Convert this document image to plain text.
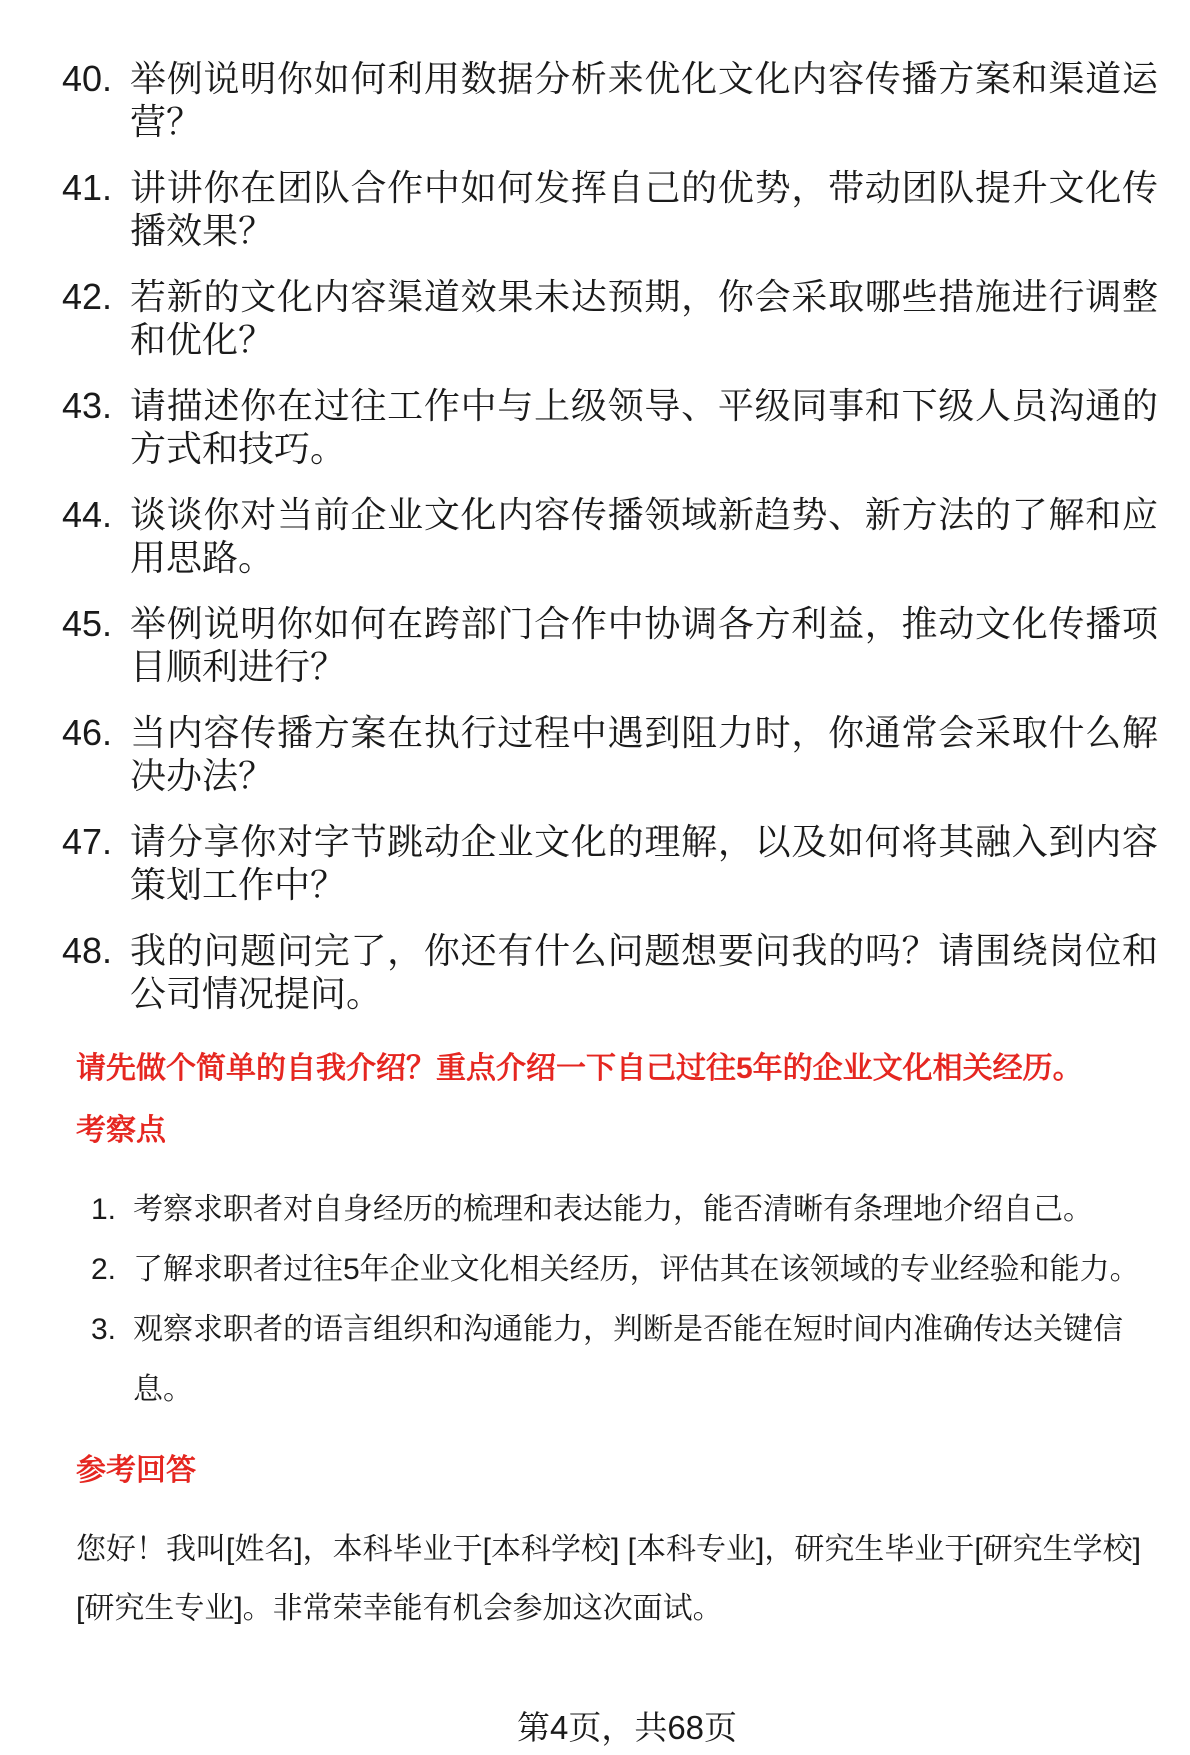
40. 举例说明你如何利用数据分析来优化文化内容传播方案和渠道运营？
41. 讲讲你在团队合作中如何发挥自己的优势，带动团队提升文化传播效果？
42. 若新的文化内容渠道效果未达预期，你会采取哪些措施进行调整和优化？
43. 请描述你在过往工作中与上级领导、平级同事和下级人员沟通的方式和技巧。
44. 谈谈你对当前企业文化内容传播领域新趋势、新方法的了解和应用思路。
45. 举例说明你如何在跨部门合作中协调各方利益，推动文化传播项目顺利进行？
46. 当内容传播方案在执行过程中遇到阻力时，你通常会采取什么解决办法？
47. 请分享你对字节跳动企业文化的理解，以及如何将其融入到内容策划工作中？
48. 我的问题问完了，你还有什么问题想要问我的吗？请围绕岗位和公司情况提问。
请先做个简单的自我介绍？重点介绍一下自己过往5年的企业文化相关经历。
考察点
1. 考察求职者对自身经历的梳理和表达能力，能否清晰有条理地介绍自己。
2. 了解求职者过往5年企业文化相关经历，评估其在该领域的专业经验和能力。
3. 观察求职者的语言组织和沟通能力，判断是否能在短时间内准确传达关键信息。
参考回答
您好！我叫[姓名]，本科毕业于[本科学校] [本科专业]，研究生毕业于[研究生学校] [研究生专业]。非常荣幸能有机会参加这次面试。
第4页，共68页
